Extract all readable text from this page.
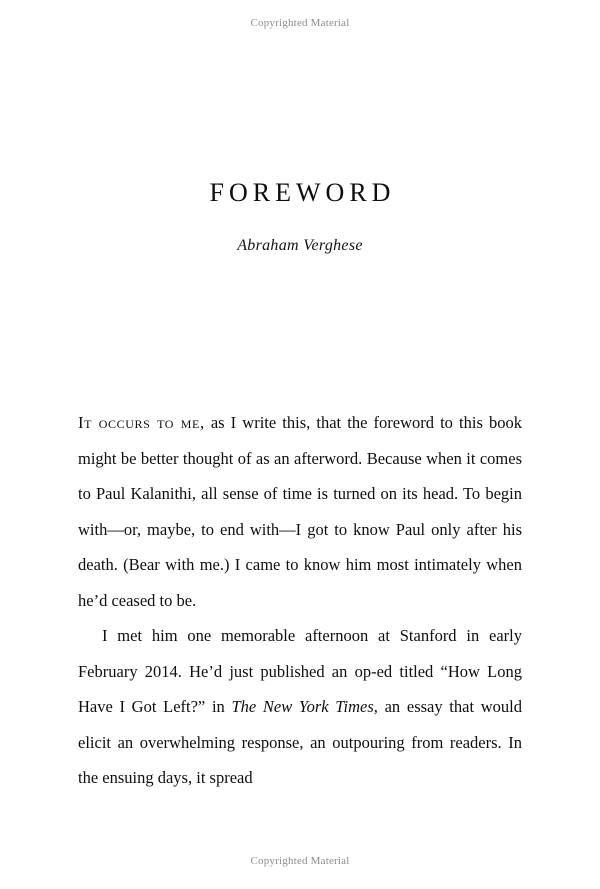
Copyrighted Material
FOREWORD
Abraham Verghese

It occurs to me, as I write this, that the foreword to this book might be better thought of as an afterword. Because when it comes to Paul Kalanithi, all sense of time is turned on its head. To begin with—or, maybe, to end with—I got to know Paul only after his death. (Bear with me.) I came to know him most intimately when he’d ceased to be.

I met him one memorable afternoon at Stanford in early February 2014. He’d just published an op-ed titled “How Long Have I Got Left?” in The New York Times, an essay that would elicit an overwhelming response, an outpouring from readers. In the ensuing days, it spread

Copyrighted Material
